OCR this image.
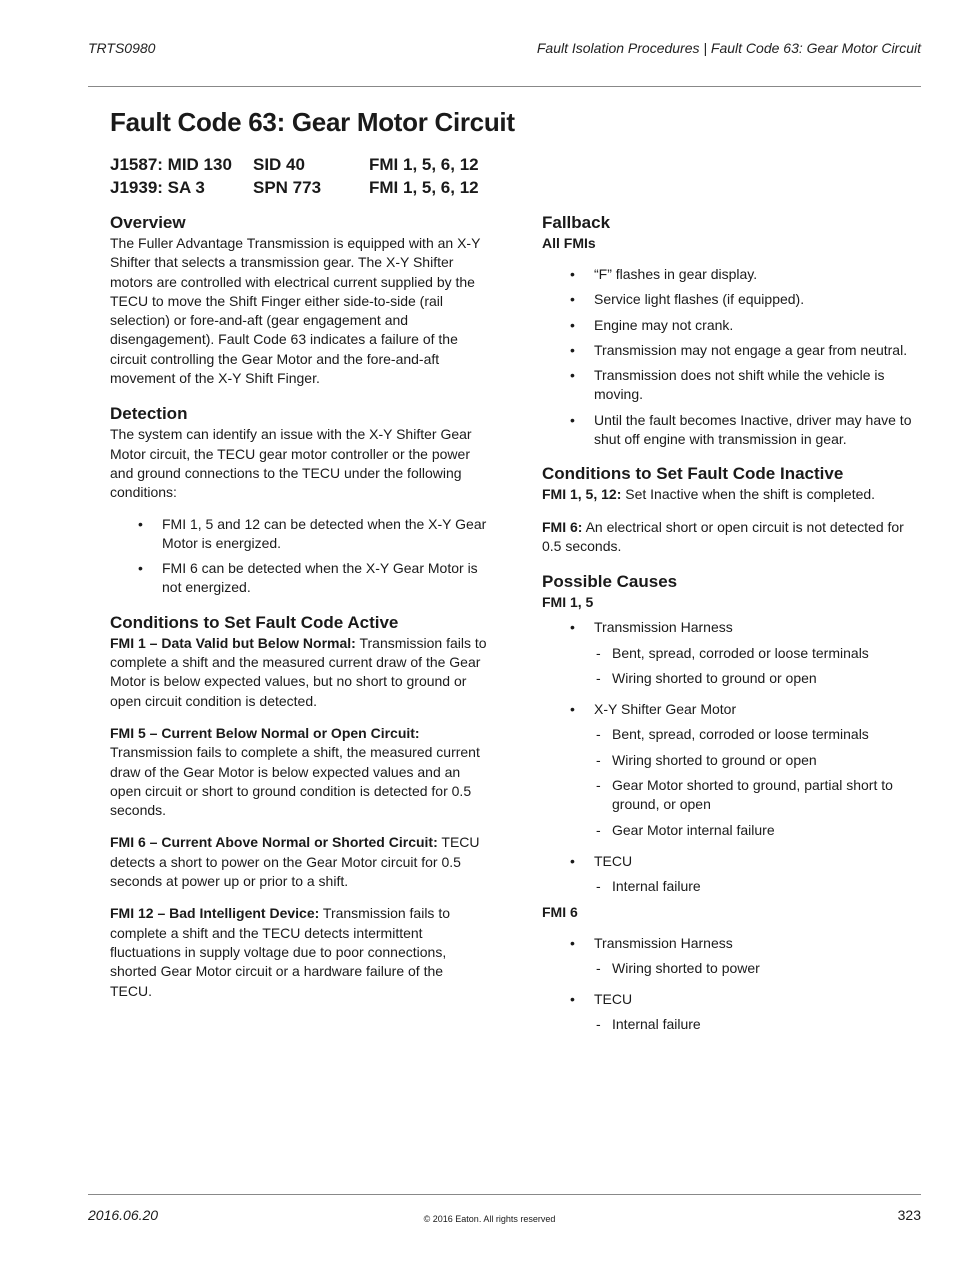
TRTS0980	Fault Isolation Procedures | Fault Code 63: Gear Motor Circuit
Fault Code 63: Gear Motor Circuit
J1587: MID 130	SID 40	FMI 1, 5, 6, 12
J1939: SA 3	SPN 773	FMI 1, 5, 6, 12
Overview

The Fuller Advantage Transmission is equipped with an X-Y Shifter that selects a transmission gear. The X-Y Shifter motors are controlled with electrical current supplied by the TECU to move the Shift Finger either side-to-side (rail selection) or fore-and-aft (gear engagement and disengagement). Fault Code 63 indicates a failure of the circuit controlling the Gear Motor and the fore-and-aft movement of the X-Y Shift Finger.

Detection

The system can identify an issue with the X-Y Shifter Gear Motor circuit, the TECU gear motor controller or the power and ground connections to the TECU under the following conditions:

• FMI 1, 5 and 12 can be detected when the X-Y Gear Motor is energized.
• FMI 6 can be detected when the X-Y Gear Motor is not energized.
Conditions to Set Fault Code Active

FMI 1 – Data Valid but Below Normal: Transmission fails to complete a shift and the measured current draw of the Gear Motor is below expected values, but no short to ground or open circuit condition is detected.

FMI 5 – Current Below Normal or Open Circuit: Transmission fails to complete a shift, the measured current draw of the Gear Motor is below expected values and an open circuit or short to ground condition is detected for 0.5 seconds.

FMI 6 – Current Above Normal or Shorted Circuit: TECU detects a short to power on the Gear Motor circuit for 0.5 seconds at power up or prior to a shift.

FMI 12 – Bad Intelligent Device: Transmission fails to complete a shift and the TECU detects intermittent fluctuations in supply voltage due to poor connections, shorted Gear Motor circuit or a hardware failure of the TECU.

Fallback
All FMIs
• “F” flashes in gear display.
• Service light flashes (if equipped).
• Engine may not crank.
• Transmission may not engage a gear from neutral.
• Transmission does not shift while the vehicle is moving.
• Until the fault becomes Inactive, driver may have to shut off engine with transmission in gear.
Conditions to Set Fault Code Inactive

FMI 1, 5, 12: Set Inactive when the shift is completed.

FMI 6: An electrical short or open circuit is not detected for 0.5 seconds.

Possible Causes
FMI 1, 5
• Transmission Harness
- Bent, spread, corroded or loose terminals
- Wiring shorted to ground or open
• X-Y Shifter Gear Motor
- Bent, spread, corroded or loose terminals
- Wiring shorted to ground or open
- Gear Motor shorted to ground, partial short to ground, or open
- Gear Motor internal failure
• TECU
- Internal failure
FMI 6
• Transmission Harness
- Wiring shorted to power
• TECU
- Internal failure
2016.06.20	© 2016 Eaton. All rights reserved	323
